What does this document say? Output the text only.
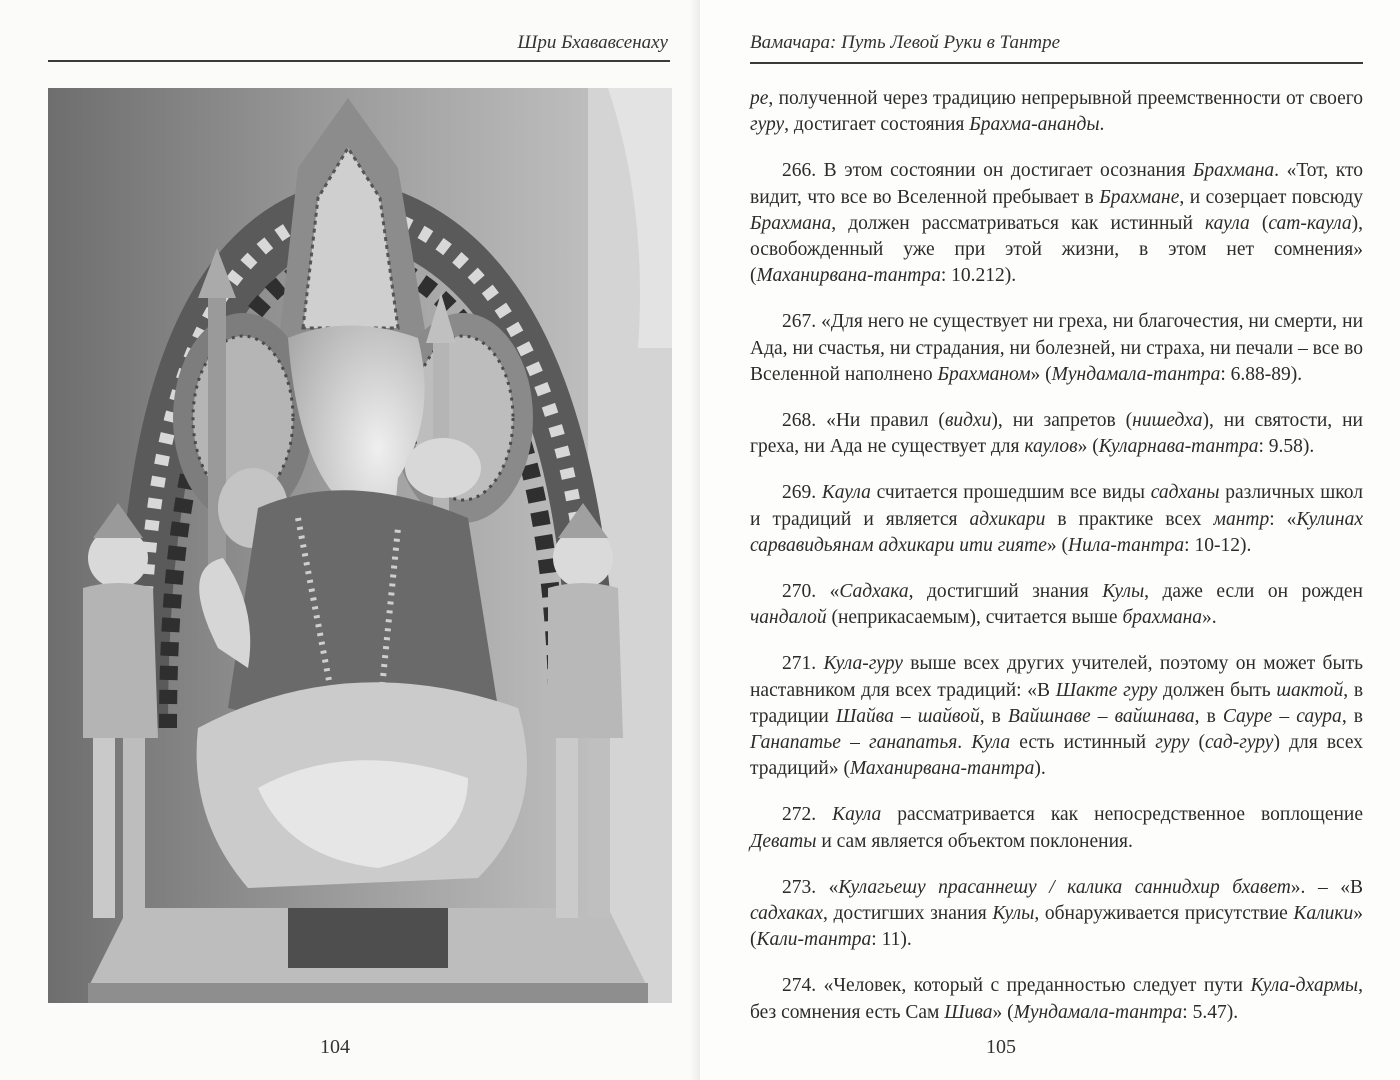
Шри Бхававсенаху
104
Вамачара: Путь Левой Руки в Тантре

ре, полученной через традицию непрерывной преемственности от своего гуру, достигает состояния Брахма-ананды.

266. В этом состоянии он достигает осознания Брахмана. «Тот, кто видит, что все во Вселенной пребывает в Брахмане, и созерцает повсюду Брахмана, должен рассматриваться как истинный каула (сат-каула), освобожденный уже при этой жизни, в этом нет сомнения» (Маханирвана-тантра: 10.212).

267. «Для него не существует ни греха, ни благочестия, ни смерти, ни Ада, ни счастья, ни страдания, ни болезней, ни страха, ни печали – все во Вселенной наполнено Брахманом» (Мундамала-тантра: 6.88-89).

268. «Ни правил (видхи), ни запретов (нишедха), ни святости, ни греха, ни Ада не существует для каулов» (Куларнава-тантра: 9.58).

269. Каула считается прошедшим все виды садханы различных школ и традиций и является адхикари в практике всех мантр: «Кулинах сарвавидьянам адхикари ити гияте» (Нила-тантра: 10-12).

270. «Садхака, достигший знания Кулы, даже если он рожден чандалой (неприкасаемым), считается выше брахмана».

271. Кула-гуру выше всех других учителей, поэтому он может быть наставником для всех традиций: «В Шакте гуру должен быть шактой, в традиции Шайва – шайвой, в Вайшнаве – вайшнава, в Сауре – саура, в Ганапатье – ганапатья. Кула есть истинный гуру (сад-гуру) для всех традиций» (Маханирвана-тантра).

272. Каула рассматривается как непосредственное воплощение Деваты и сам является объектом поклонения.

273. «Кулагьешу прасаннешу / калика саннидхир бхавет». – «В садхаках, достигших знания Кулы, обнаруживается присутствие Калики» (Кали-тантра: 11).

274. «Человек, который с преданностью следует пути Кула-дхармы, без сомнения есть Сам Шива» (Мундамала-тантра: 5.47).

105
